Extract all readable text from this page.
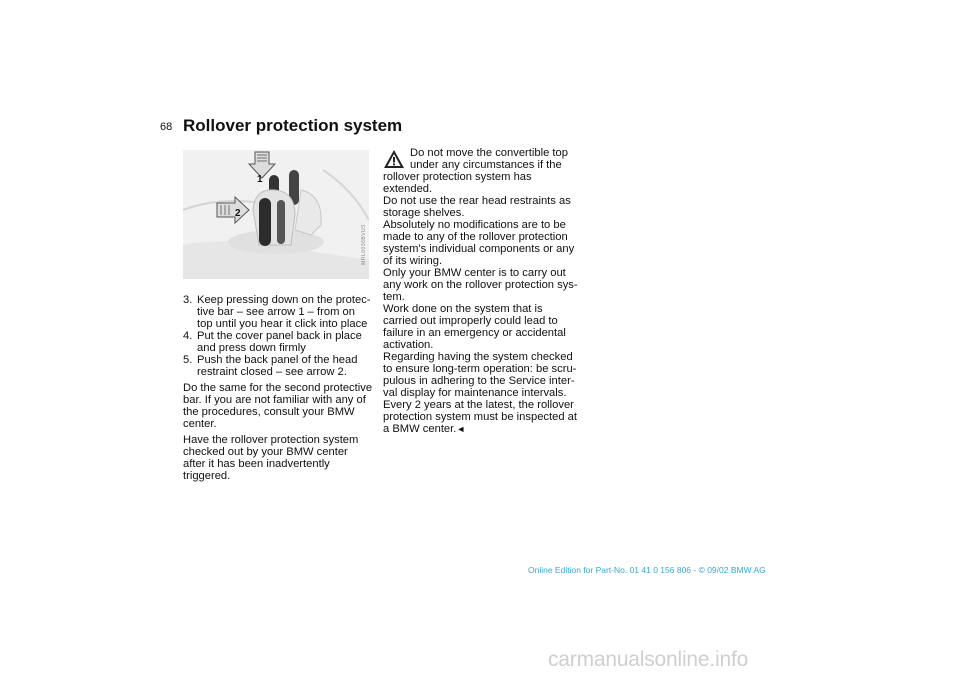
68 Rollover protection system
1
2
MRL0036BVUS
3. Keep pressing down on the protec-tive bar – see arrow 1 – from on top until you hear it click into place
4. Put the cover panel back in place and press down firmly
5. Push the back panel of the head restraint closed – see arrow 2.

Do the same for the second protective bar. If you are not familiar with any of the procedures, consult your BMW center.

Have the rollover protection system checked out by your BMW center after it has been inadvertently triggered.

Do not move the convertible top under any circumstances if the rollover protection system has extended.

Do not use the rear head restraints as storage shelves.

Absolutely no modifications are to be made to any of the rollover protection system's individual components or any of its wiring.

Only your BMW center is to carry out any work on the rollover protection sys-tem.

Work done on the system that is carried out improperly could lead to failure in an emergency or accidental activation.

Regarding having the system checked to ensure long-term operation: be scru-pulous in adhering to the Service inter-val display for maintenance intervals.

Every 2 years at the latest, the rollover protection system must be inspected at a BMW center.◄

Online Edition for Part-No. 01 41 0 156 806 - © 09/02 BMW AG
carmanualsonline.info
